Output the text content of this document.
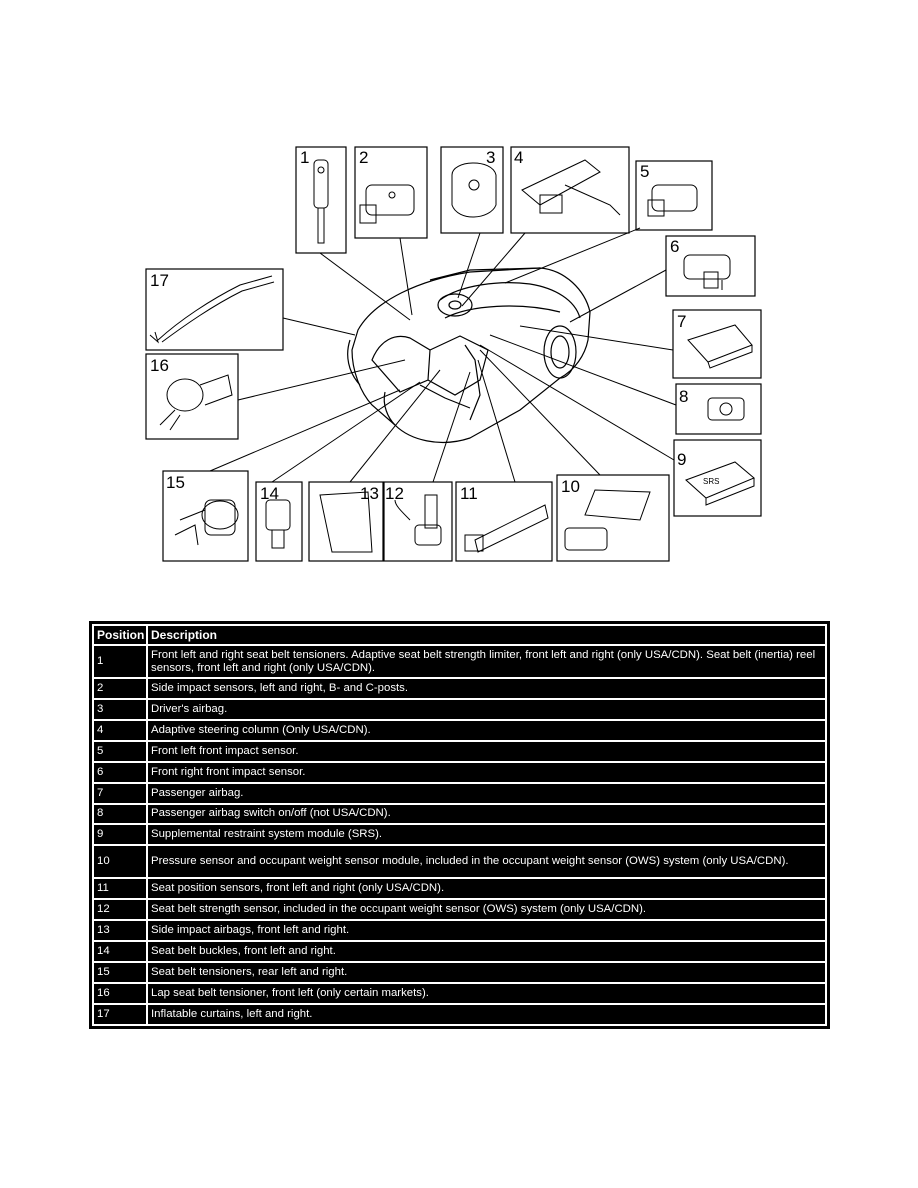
SRS
1	2	3 4
5
6
7
8
9
10
11
12
13
14
15
16
17
Position	Description
1	Front left and right seat belt tensioners. Adaptive seat belt strength limiter, front left and right (only USA/CDN). Seat belt (inertia) reel sensors, front left and right (only USA/CDN).
2	Side impact sensors, left and right, B- and C-posts.
3	Driver's airbag.
4	Adaptive steering column (Only USA/CDN).
5	Front left front impact sensor.
6	Front right front impact sensor.
7	Passenger airbag.
8	Passenger airbag switch on/off (not USA/CDN).
9	Supplemental restraint system module (SRS).
10	Pressure sensor and occupant weight sensor module, included in the occupant weight sensor (OWS) system (only USA/CDN).
11	Seat position sensors, front left and right (only USA/CDN).
12	Seat belt strength sensor, included in the occupant weight sensor (OWS) system (only USA/CDN).
13	Side impact airbags, front left and right.
14	Seat belt buckles, front left and right.
15	Seat belt tensioners, rear left and right.
16	Lap seat belt tensioner, front left (only certain markets).
17	Inflatable curtains, left and right.
